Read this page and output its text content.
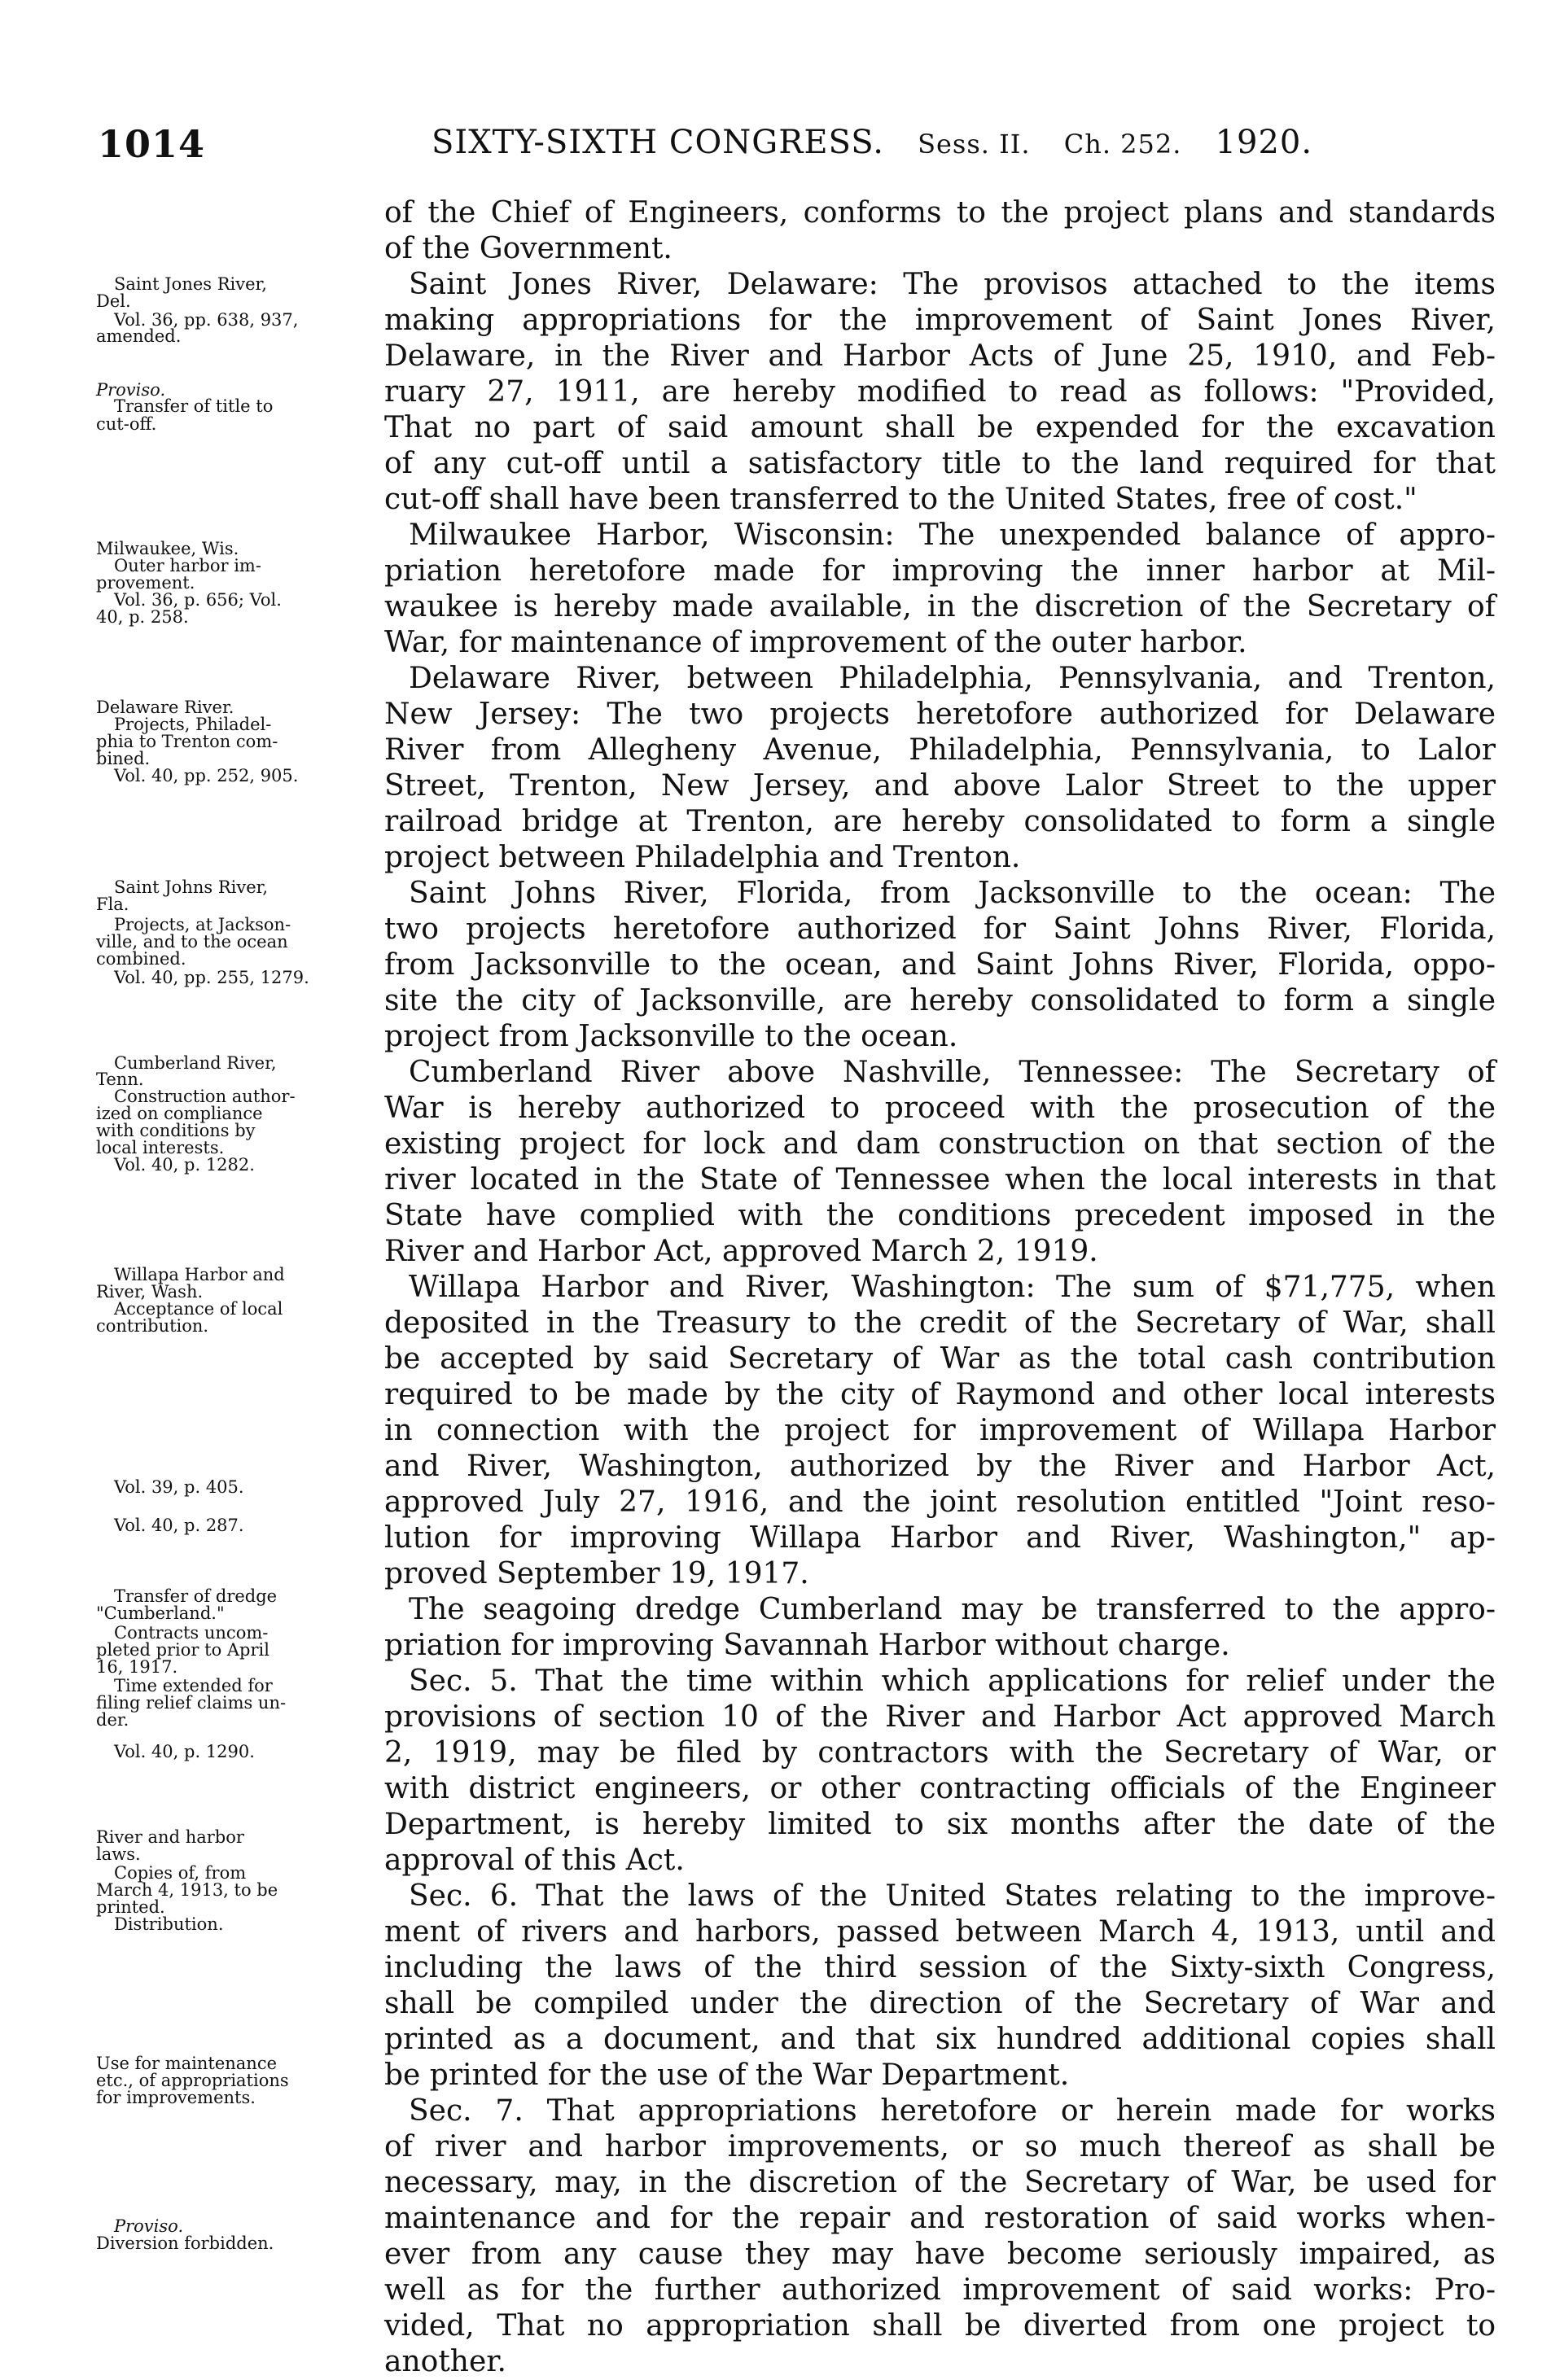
1014	SIXTY-SIXTH CONGRESS. Sess. II. Ch. 252. 1920.
Saint Jones River,
Del.
Vol. 36, pp. 638, 937,
amended.
Proviso.
Transfer of title to
cut-off.
Milwaukee, Wis.
Outer harbor im-
provement.
Vol. 36, p. 656; Vol.
40, p. 258.
Delaware River.
Projects, Philadel-
phia to Trenton com-
bined.
Vol. 40, pp. 252, 905.
Saint Johns River,
Fla.
Projects, at Jackson-
ville, and to the ocean
combined.
Vol. 40, pp. 255, 1279.
Cumberland River,
Tenn.
Construction author-
ized on compliance
with conditions by
local interests.
Vol. 40, p. 1282.
Willapa Harbor and
River, Wash.
Acceptance of local
contribution.
Vol. 39, p. 405.
Vol. 40, p. 287.
Transfer of dredge
"Cumberland."
Contracts uncom-
pleted prior to April
16, 1917.
Time extended for
filing relief claims un-
der.
Vol. 40, p. 1290.
River and harbor
laws.
Copies of, from
March 4, 1913, to be
printed.
Distribution.
Use for maintenance
etc., of appropriations
for improvements.
Proviso.
Diversion forbidden.
of the Chief of Engineers, conforms to the project plans and standards
of the Government.
Saint Jones River, Delaware: The provisos attached to the items
making appropriations for the improvement of Saint Jones River,
Delaware, in the River and Harbor Acts of June 25, 1910, and Feb-
ruary 27, 1911, are hereby modified to read as follows: "Provided,
That no part of said amount shall be expended for the excavation
of any cut-off until a satisfactory title to the land required for that
cut-off shall have been transferred to the United States, free of cost."
Milwaukee Harbor, Wisconsin: The unexpended balance of appro-
priation heretofore made for improving the inner harbor at Mil-
waukee is hereby made available, in the discretion of the Secretary of
War, for maintenance of improvement of the outer harbor.
Delaware River, between Philadelphia, Pennsylvania, and Trenton,
New Jersey: The two projects heretofore authorized for Delaware
River from Allegheny Avenue, Philadelphia, Pennsylvania, to Lalor
Street, Trenton, New Jersey, and above Lalor Street to the upper
railroad bridge at Trenton, are hereby consolidated to form a single
project between Philadelphia and Trenton.
Saint Johns River, Florida, from Jacksonville to the ocean: The
two projects heretofore authorized for Saint Johns River, Florida,
from Jacksonville to the ocean, and Saint Johns River, Florida, oppo-
site the city of Jacksonville, are hereby consolidated to form a single
project from Jacksonville to the ocean.
Cumberland River above Nashville, Tennessee: The Secretary of
War is hereby authorized to proceed with the prosecution of the
existing project for lock and dam construction on that section of the
river located in the State of Tennessee when the local interests in that
State have complied with the conditions precedent imposed in the
River and Harbor Act, approved March 2, 1919.
Willapa Harbor and River, Washington: The sum of $71,775, when
deposited in the Treasury to the credit of the Secretary of War, shall
be accepted by said Secretary of War as the total cash contribution
required to be made by the city of Raymond and other local interests
in connection with the project for improvement of Willapa Harbor
and River, Washington, authorized by the River and Harbor Act,
approved July 27, 1916, and the joint resolution entitled "Joint reso-
lution for improving Willapa Harbor and River, Washington," ap-
proved September 19, 1917.
The seagoing dredge Cumberland may be transferred to the appro-
priation for improving Savannah Harbor without charge.
Sec. 5. That the time within which applications for relief under the
provisions of section 10 of the River and Harbor Act approved March
2, 1919, may be filed by contractors with the Secretary of War, or
with district engineers, or other contracting officials of the Engineer
Department, is hereby limited to six months after the date of the
approval of this Act.
Sec. 6. That the laws of the United States relating to the improve-
ment of rivers and harbors, passed between March 4, 1913, until and
including the laws of the third session of the Sixty-sixth Congress,
shall be compiled under the direction of the Secretary of War and
printed as a document, and that six hundred additional copies shall
be printed for the use of the War Department.
Sec. 7. That appropriations heretofore or herein made for works
of river and harbor improvements, or so much thereof as shall be
necessary, may, in the discretion of the Secretary of War, be used for
maintenance and for the repair and restoration of said works when-
ever from any cause they may have become seriously impaired, as
well as for the further authorized improvement of said works: Pro-
vided, That no appropriation shall be diverted from one project to
another.
